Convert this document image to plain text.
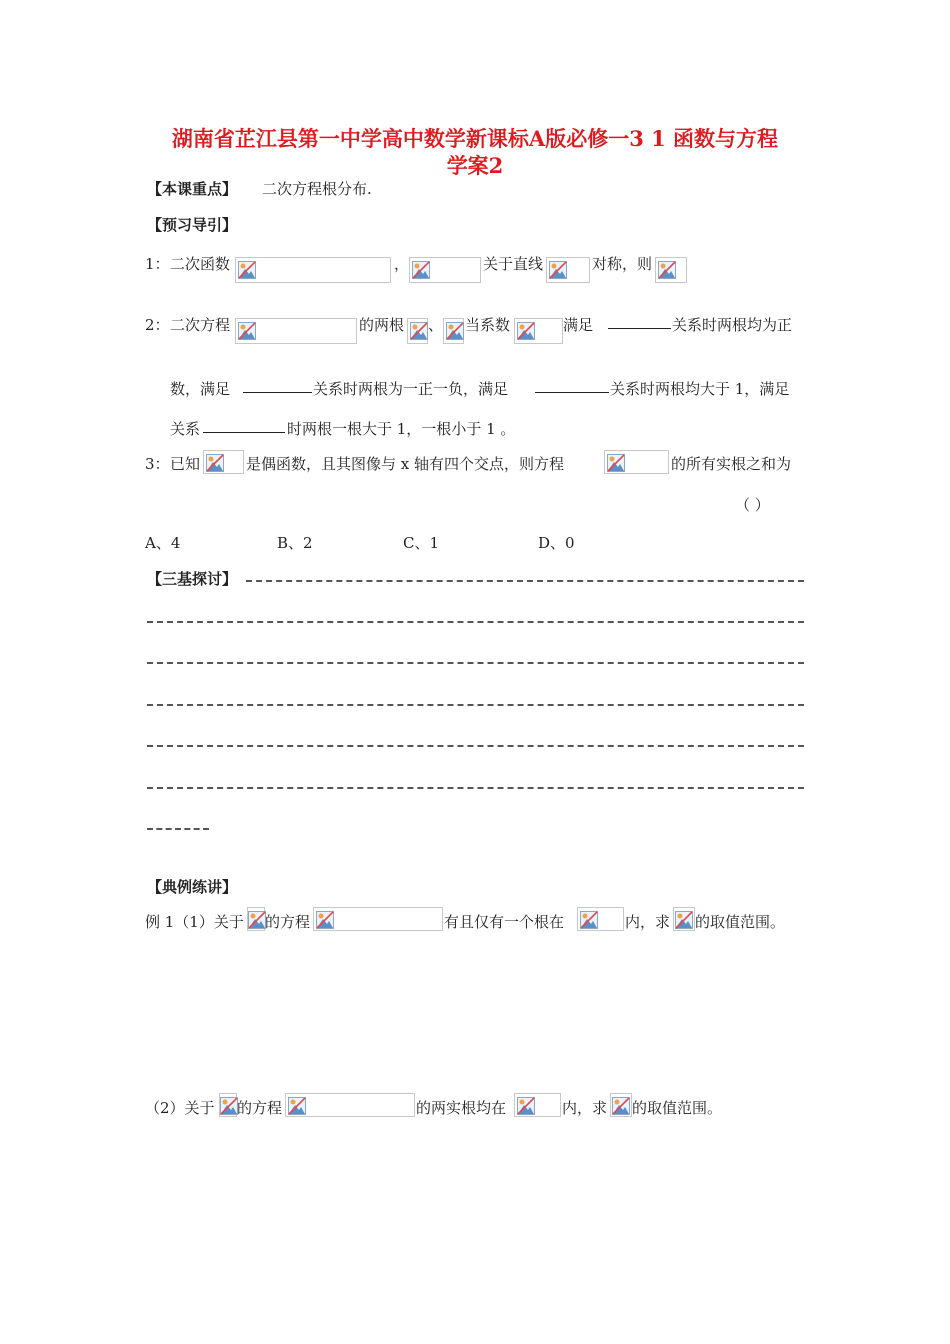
湖南省芷江县第一中学高中数学新课标A版必修一3 1 函数与方程
学案2
【本课重点】 二次方程根分布.
【预习导引】
1： 二次函数	，	关于直线	对称，则
2： 二次方程	的两根 、 当系数	满足	关系时两根均为正
数，满足	关系时两根为一正一负，满足	关系时两根均大于 1，满足
关系	时两根一根大于 1，一根小于 1 。
3： 已知	是偶函数，且其图像与 x 轴有四个交点，则方程	的所有实根之和为
（ ）
A、4	B、2	C、1	D、0
【三基探讨】
【典例练讲】
例 1（1）关于 的方程	有且仅有一个根在	内，求 的取值范围。
（2）关于 的方程	的两实根均在	内，求 的取值范围。
